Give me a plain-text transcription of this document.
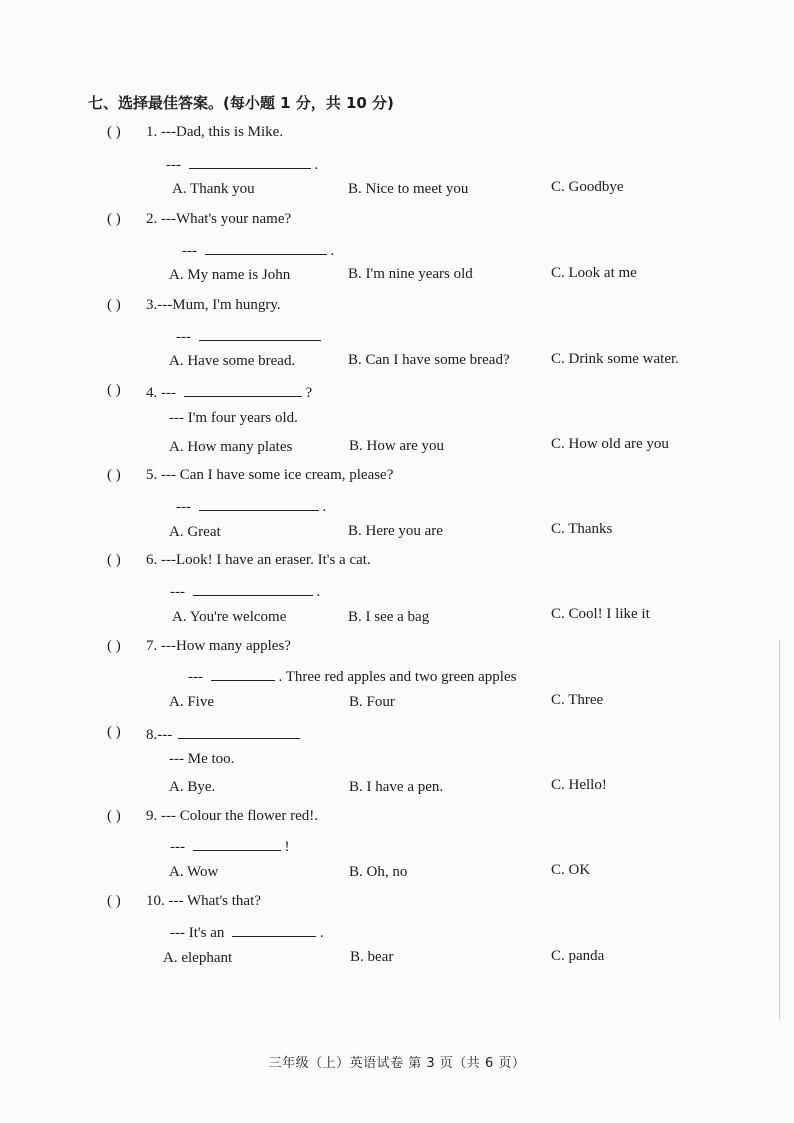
七、选择最佳答案。(每小题 1 分，共 10 分)
( ) 1. ---Dad, this is Mike.
---	.
A. Thank you	B. Nice to meet you	C. Goodbye
( ) 2. ---What's your name?
---	.
A. My name is John	B. I'm nine years old	C. Look at me
( ) 3.---Mum, I'm hungry.
---
A. Have some bread.	B. Can I have some bread?	C. Drink some water.
( ) 4. ---	?
--- I'm four years old.
A. How many plates	B. How are you	C. How old are you
( ) 5. --- Can I have some ice cream, please?
---	.
A. Great	B. Here you are	C. Thanks
( ) 6. ---Look! I have an eraser. It's a cat.
---	.
A. You're welcome	B. I see a bag	C. Cool! I like it
( ) 7. ---How many apples?
---	. Three red apples and two green apples
A. Five	B. Four	C. Three
( ) 8.---
--- Me too.
A. Bye.	B. I have a pen.	C. Hello!
( ) 9. --- Colour the flower red!.
---	!
A. Wow	B. Oh, no	C. OK
( ) 10. --- What's that?
--- It's an	.
A. elephant	B. bear	C. panda
三年级（上）英语试卷 第 3 页（共 6 页）
